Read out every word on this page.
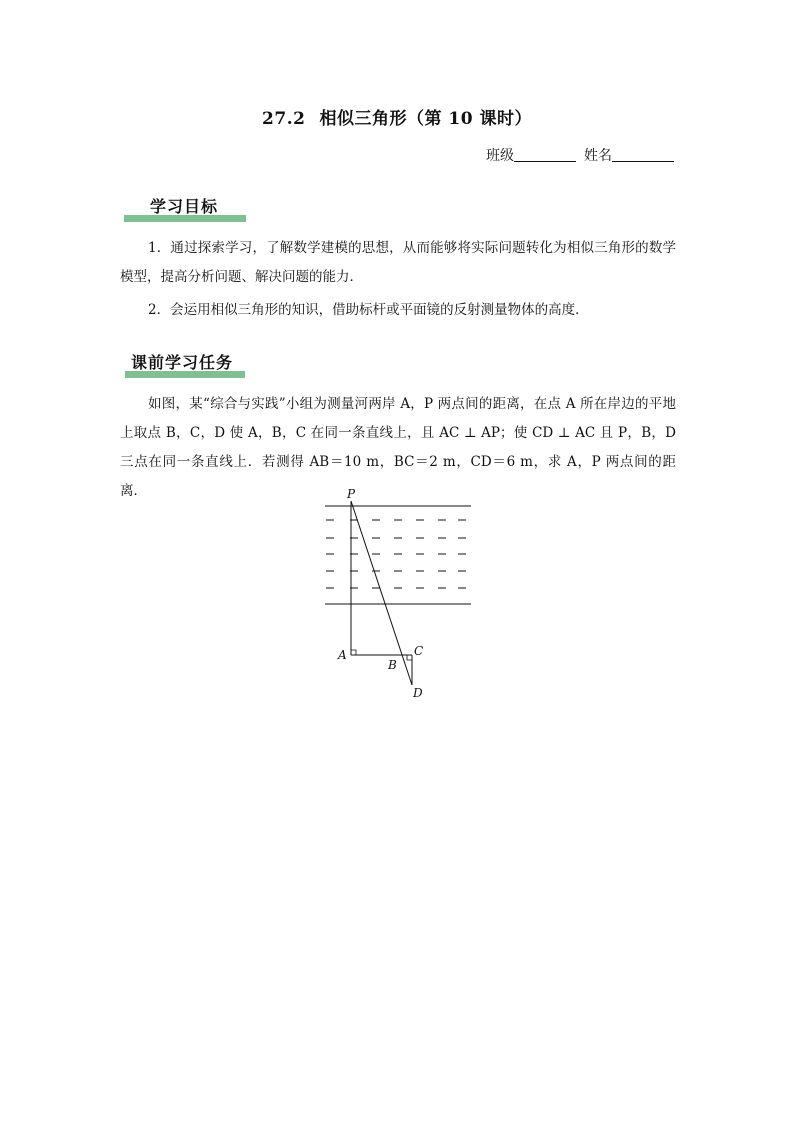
27.2 相似三角形（第 10 课时）
班级	姓名
学习目标
1．通过探索学习，了解数学建模的思想，从而能够将实际问题转化为相似三角形的数学模型，提高分析问题、解决问题的能力．
2．会运用相似三角形的知识，借助标杆或平面镜的反射测量物体的高度．
课前学习任务
如图，某“综合与实践”小组为测量河两岸 A，P 两点间的距离，在点 A 所在岸边的平地上取点 B，C，D 使 A，B，C 在同一条直线上，且 AC ⊥ AP；使 CD ⊥ AC 且 P，B，D 三点在同一条直线上．若测得 AB＝10 m，BC＝2 m，CD＝6 m，求 A，P 两点间的距离．	P
A
B
C
D
